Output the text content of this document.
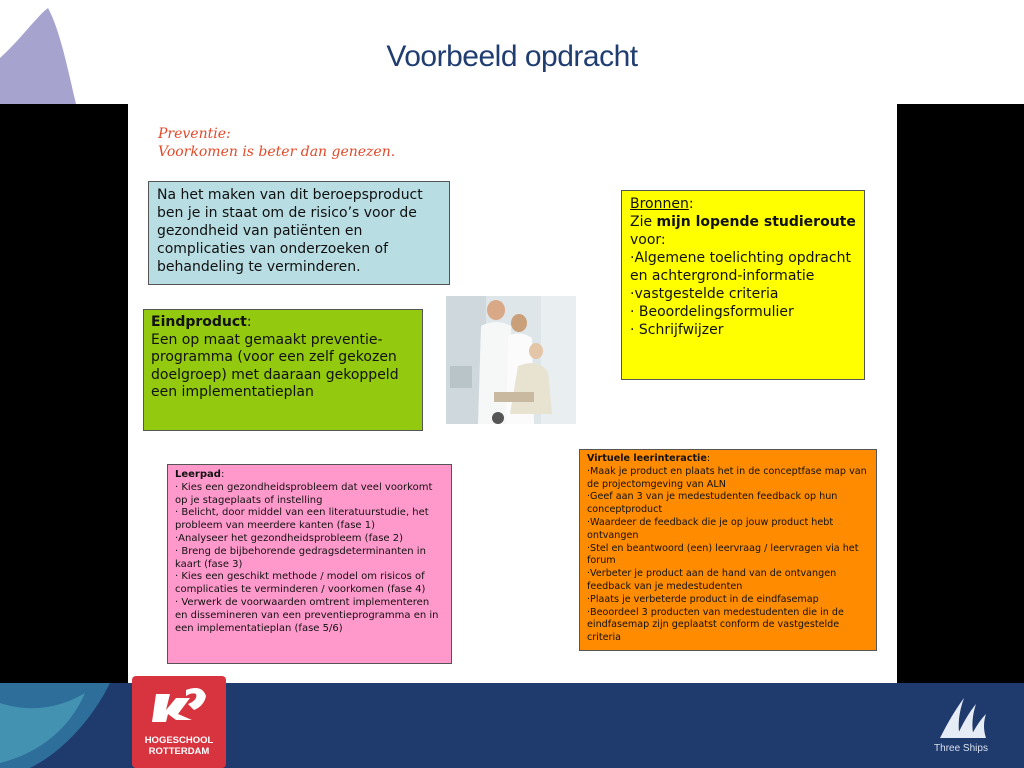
Voorbeeld opdracht
Preventie:
Voorkomen is beter dan genezen.

Na het maken van dit beroepsproduct ben je in staat om de risico’s voor de gezondheid van patiënten en complicaties van onderzoeken of behandeling te verminderen.

Eindproduct:

Een op maat gemaakt preventie-programma (voor een zelf gekozen doelgroep) met daaraan gekoppeld een implementatieplan

Bronnen:

Zie mijn lopende studieroute

voor:

·Algemene toelichting opdracht en achtergrond-informatie

·vastgestelde criteria

· Beoordelingsformulier

· Schrijfwijzer

Leerpad:

· Kies een gezondheidsprobleem dat veel voorkomt op je stageplaats of instelling

· Belicht, door middel van een literatuurstudie, het probleem van meerdere kanten (fase 1)

·Analyseer het gezondheidsprobleem (fase 2)

· Breng de bijbehorende gedragsdeterminanten in kaart (fase 3)

· Kies een geschikt methode / model om risicos of complicaties te verminderen / voorkomen (fase 4)

· Verwerk de voorwaarden omtrent implementeren en dissemineren van een preventieprogramma en in een implementatieplan (fase 5/6)

Virtuele leerinteractie:

·Maak je product en plaats het in de conceptfase map van de projectomgeving van ALN

·Geef aan 3 van je medestudenten feedback op hun conceptproduct

·Waardeer de feedback die je op jouw product hebt ontvangen

·Stel en beantwoord (een) leervraag / leervragen via het forum

·Verbeter je product aan de hand van de ontvangen feedback van je medestudenten

·Plaats je verbeterde product in de eindfasemap

·Beoordeel 3 producten van medestudenten die in de eindfasemap zijn geplaatst conform de vastgestelde criteria

HOGESCHOOL
ROTTERDAM	Three Ships
